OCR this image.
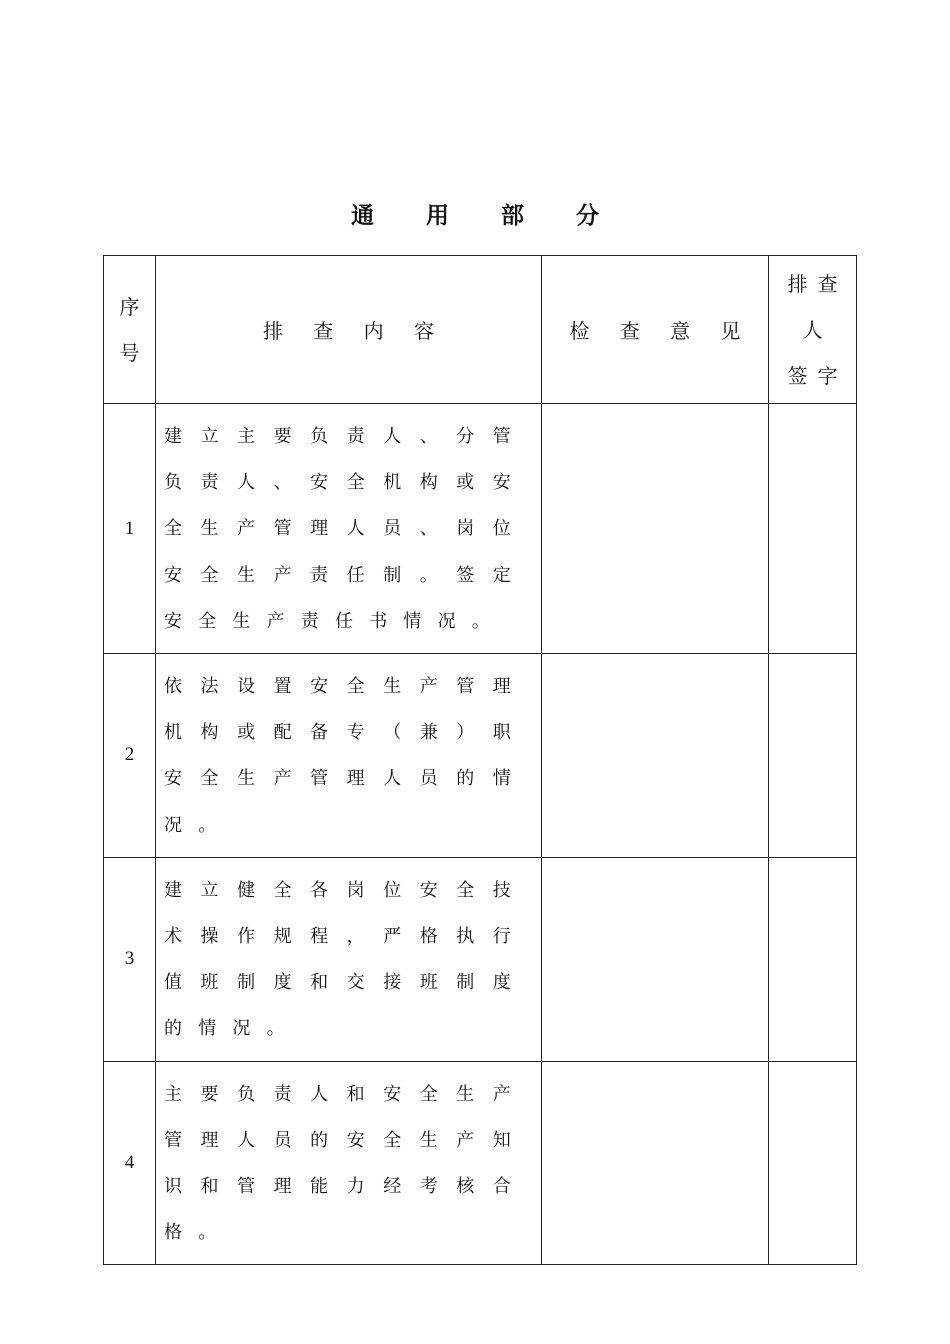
通 用 部 分
序
号	排 查 内 容	检 查 意 见	排查
人
签字

1	建立主要负责人、分管负责人、安全机构或安全生产管理人员、岗位安全生产责任制。签定安全生产责任书情况。		
2	依法设置安全生产管理机构或配备专（兼）职安全生产管理人员的情况。		
3	建立健全各岗位安全技术操作规程，严格执行值班制度和交接班制度的情况。		
4	主要负责人和安全生产管理人员的安全生产知识和管理能力经考核合格。		
